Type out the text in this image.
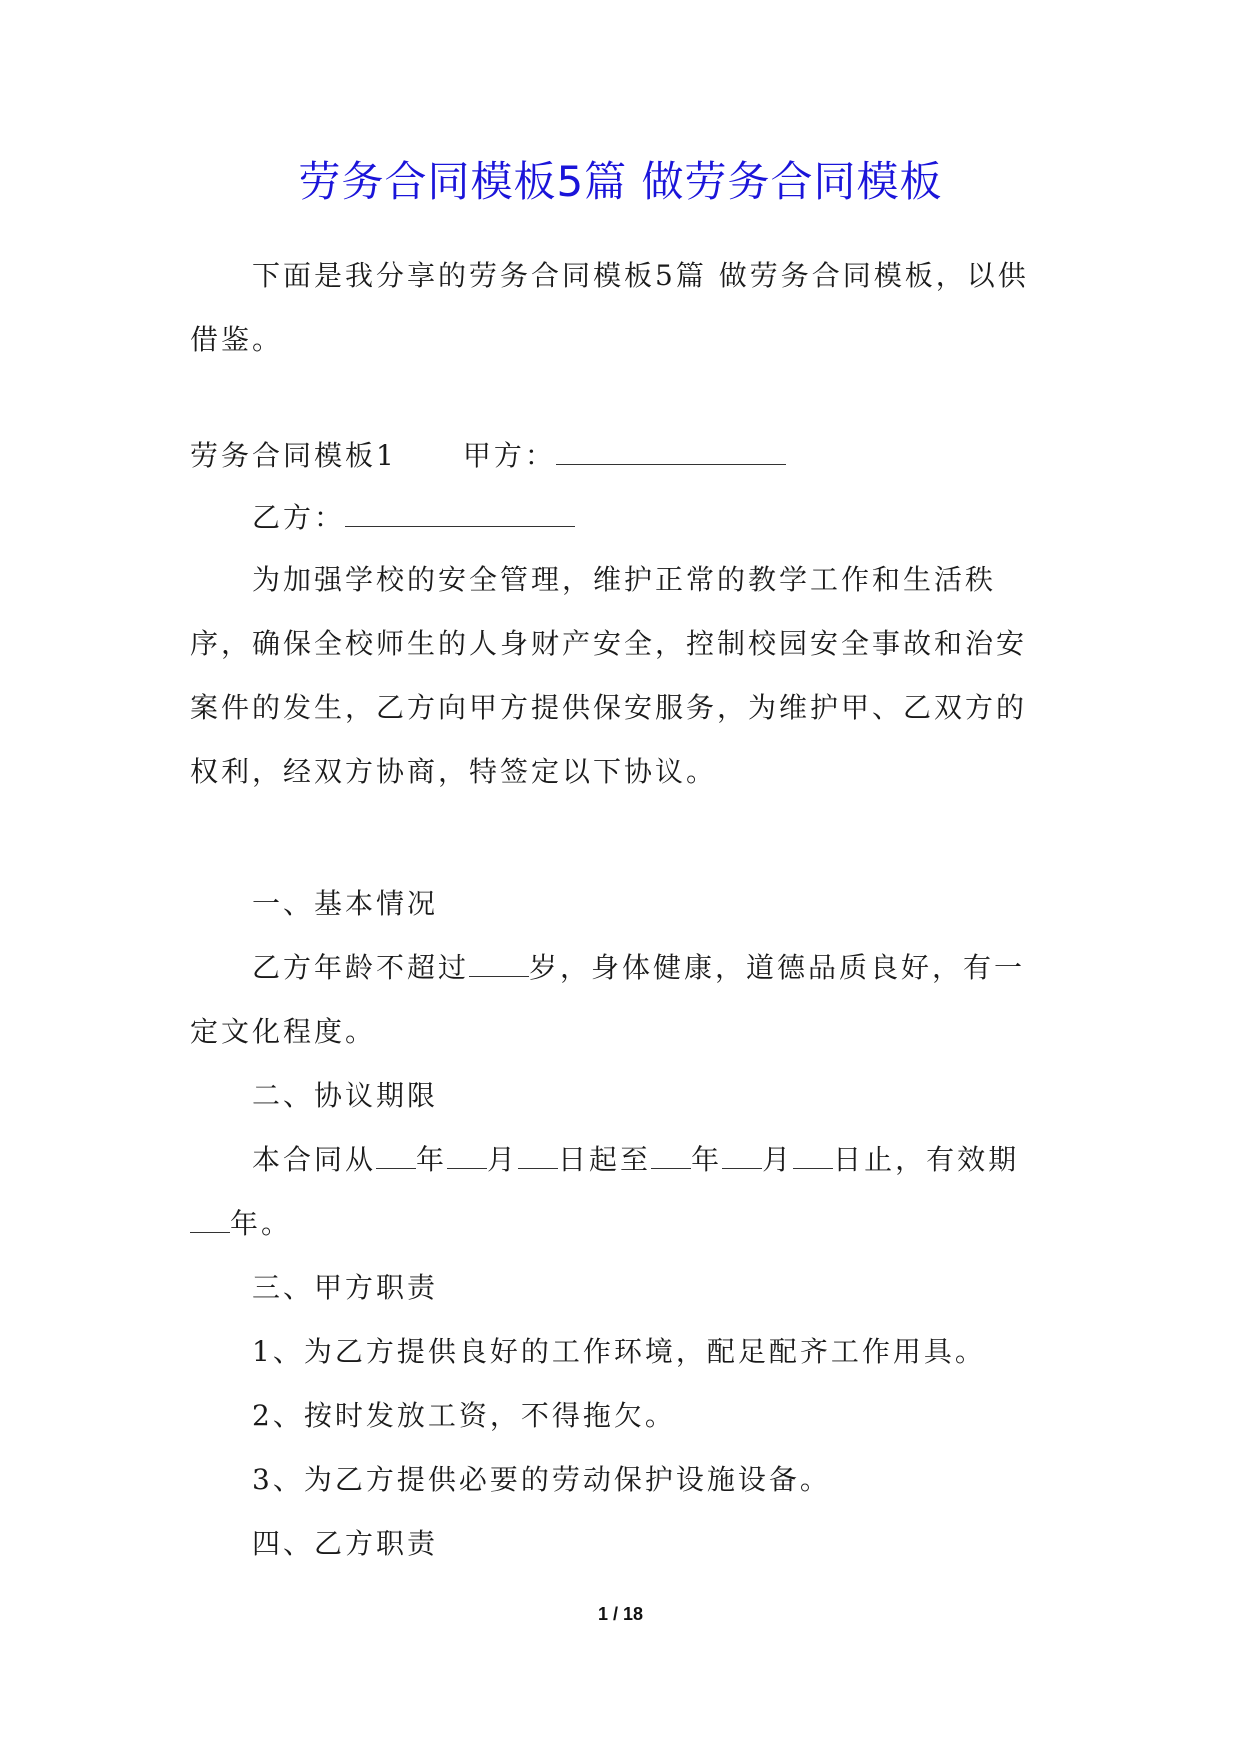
劳务合同模板5篇 做劳务合同模板

下面是我分享的劳务合同模板5篇 做劳务合同模板，以供借鉴。

劳务合同模板1 甲方：
乙方：

为加强学校的安全管理，维护正常的教学工作和生活秩序，确保全校师生的人身财产安全，控制校园安全事故和治安案件的发生，乙方向甲方提供保安服务，为维护甲、乙双方的权利，经双方协商，特签定以下协议。

一、基本情况

乙方年龄不超过 岁，身体健康，道德品质良好，有一定文化程度。

二、协议期限

本合同从 年 月 日起至 年 月 日止，有效期年。

三、甲方职责
1、为乙方提供良好的工作环境，配足配齐工作用具。
2、按时发放工资，不得拖欠。
3、为乙方提供必要的劳动保护设施设备。
四、乙方职责
1 / 18
